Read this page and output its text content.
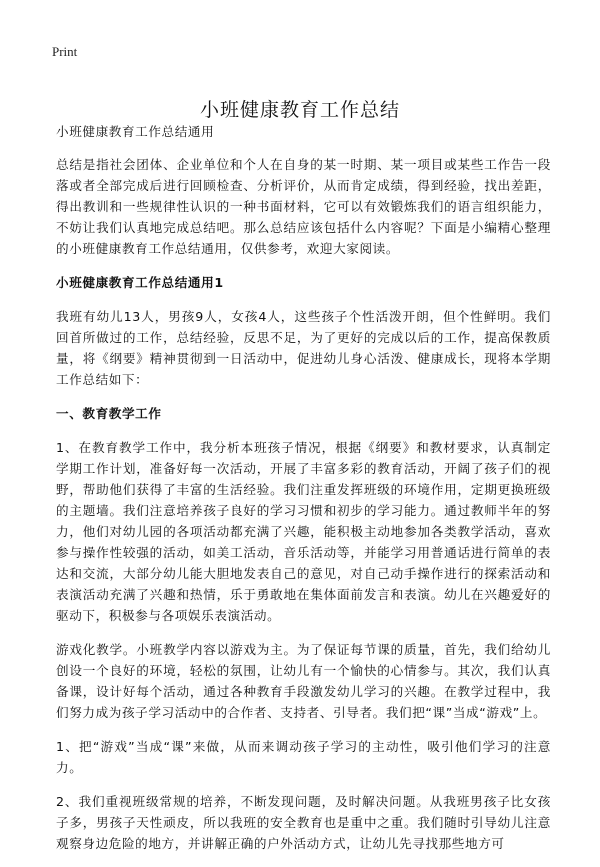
Print
小班健康教育工作总结

小班健康教育工作总结通用

总结是指社会团体、企业单位和个人在自身的某一时期、某一项目或某些工作告一段落或者全部完成后进行回顾检查、分析评价，从而肯定成绩，得到经验，找出差距，得出教训和一些规律性认识的一种书面材料，它可以有效锻炼我们的语言组织能力，不妨让我们认真地完成总结吧。那么总结应该包括什么内容呢？下面是小编精心整理的小班健康教育工作总结通用，仅供参考，欢迎大家阅读。

小班健康教育工作总结通用1

我班有幼儿13人，男孩9人，女孩4人，这些孩子个性活泼开朗，但个性鲜明。我们回首所做过的工作，总结经验，反思不足，为了更好的完成以后的工作，提高保教质量，将《纲要》精神贯彻到一日活动中，促进幼儿身心活泼、健康成长，现将本学期工作总结如下：

一、教育教学工作

1、在教育教学工作中，我分析本班孩子情况，根据《纲要》和教材要求，认真制定学期工作计划，准备好每一次活动，开展了丰富多彩的教育活动，开阔了孩子们的视野，帮助他们获得了丰富的生活经验。我们注重发挥班级的环境作用，定期更换班级的主题墙。我们注意培养孩子良好的学习习惯和初步的学习能力。通过教师半年的努力，他们对幼儿园的各项活动都充满了兴趣，能积极主动地参加各类教学活动，喜欢参与操作性较强的活动，如美工活动，音乐活动等，并能学习用普通话进行简单的表达和交流，大部分幼儿能大胆地发表自己的意见，对自己动手操作进行的探索活动和表演活动充满了兴趣和热情，乐于勇敢地在集体面前发言和表演。幼儿在兴趣爱好的驱动下，积极参与各项娱乐表演活动。

游戏化教学。小班教学内容以游戏为主。为了保证每节课的质量，首先，我们给幼儿创设一个良好的环境，轻松的氛围，让幼儿有一个愉快的心情参与。其次，我们认真备课，设计好每个活动，通过各种教育手段激发幼儿学习的兴趣。在教学过程中，我们努力成为孩子学习活动中的合作者、支持者、引导者。我们把“课”当成“游戏”上。

1、把“游戏”当成“课”来做，从而来调动孩子学习的主动性，吸引他们学习的注意力。

2、我们重视班级常规的培养，不断发现问题，及时解决问题。从我班男孩子比女孩子多，男孩子天性顽皮，所以我班的安全教育也是重中之重。我们随时引导幼儿注意观察身边危险的地方，并讲解正确的户外活动方式，让幼儿先寻找那些地方可
